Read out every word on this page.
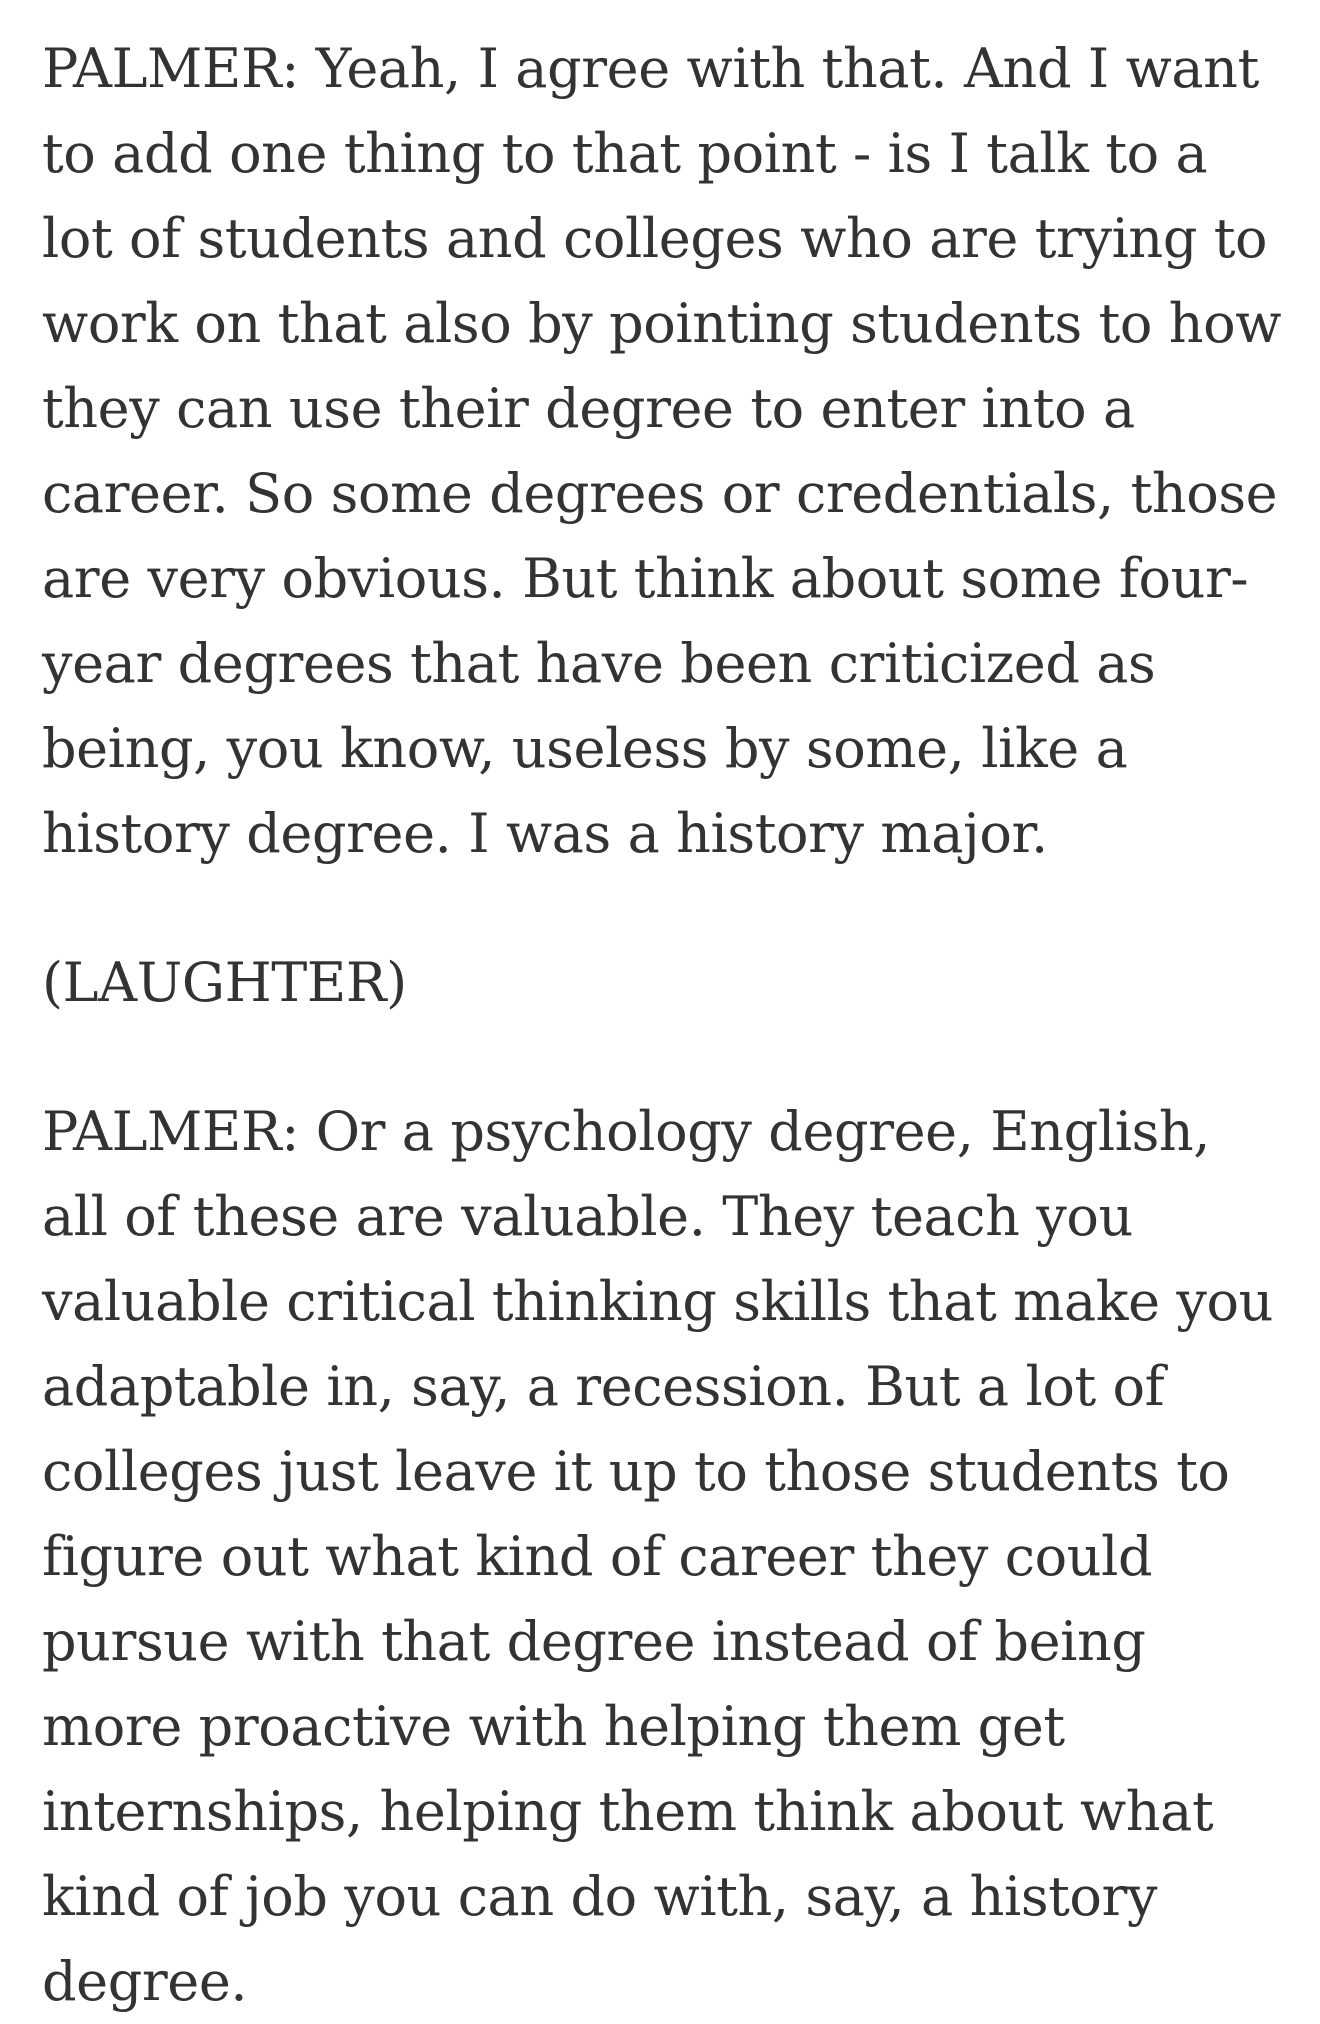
PALMER: Yeah, I agree with that. And I want to add one thing to that point - is I talk to a lot of students and colleges who are trying to work on that also by pointing students to how they can use their degree to enter into a career. So some degrees or credentials, those are very obvious. But think about some four-year degrees that have been criticized as being, you know, useless by some, like a history degree. I was a history major.

(LAUGHTER)

PALMER: Or a psychology degree, English, all of these are valuable. They teach you valuable critical thinking skills that make you adaptable in, say, a recession. But a lot of colleges just leave it up to those students to figure out what kind of career they could pursue with that degree instead of being more proactive with helping them get internships, helping them think about what kind of job you can do with, say, a history degree.
